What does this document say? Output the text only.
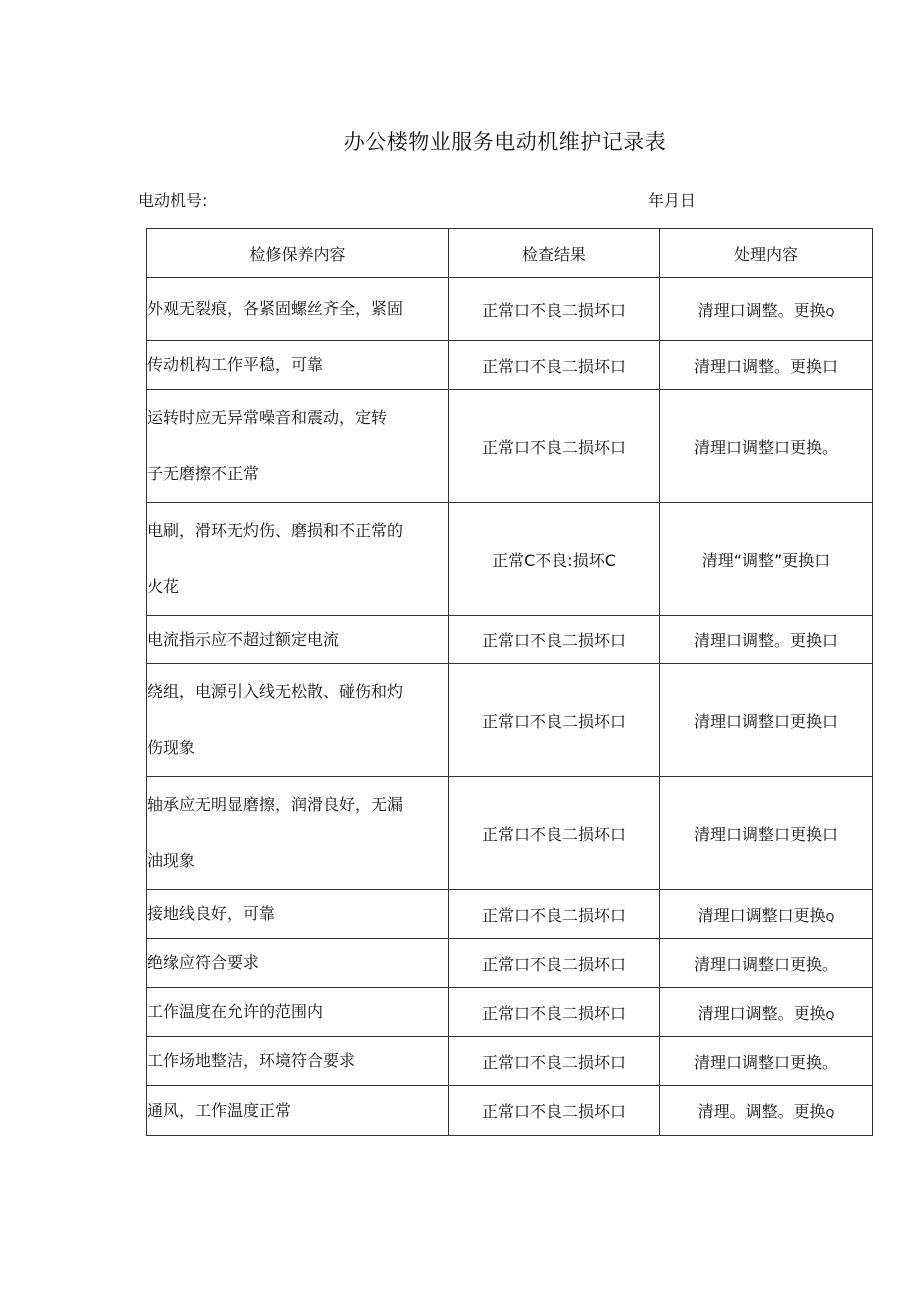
办公楼物业服务电动机维护记录表
电动机号:	年月日
检修保养内容	检查结果	处理内容
外观无裂痕，各紧固螺丝齐全，紧固	正常口不良二损坏口	清理口调整。更换Q
传动机构工作平稳，可靠	正常口不良二损坏口	清理口调整。更换口

运转时应无异常噪音和震动，定转
子无磨擦不正常	正常口不良二损坏口	清理口调整口更换。

电刷，滑环无灼伤、磨损和不正常的
火花	正常C不良:损坏C	清理“调整”更换口
电流指示应不超过额定电流	正常口不良二损坏口	清理口调整。更换口

绕组，电源引入线无松散、碰伤和灼
伤现象	正常口不良二损坏口	清理口调整口更换口

轴承应无明显磨擦，润滑良好，无漏
油现象	正常口不良二损坏口	清理口调整口更换口
接地线良好，可靠	正常口不良二损坏口	清理口调整口更换Q
绝缘应符合要求	正常口不良二损坏口	清理口调整口更换。
工作温度在允许的范围内	正常口不良二损坏口	清理口调整。更换Q
工作场地整洁，环境符合要求	正常口不良二损坏口	清理口调整口更换。
通风，工作温度正常	正常口不良二损坏口	清理。调整。更换Q
